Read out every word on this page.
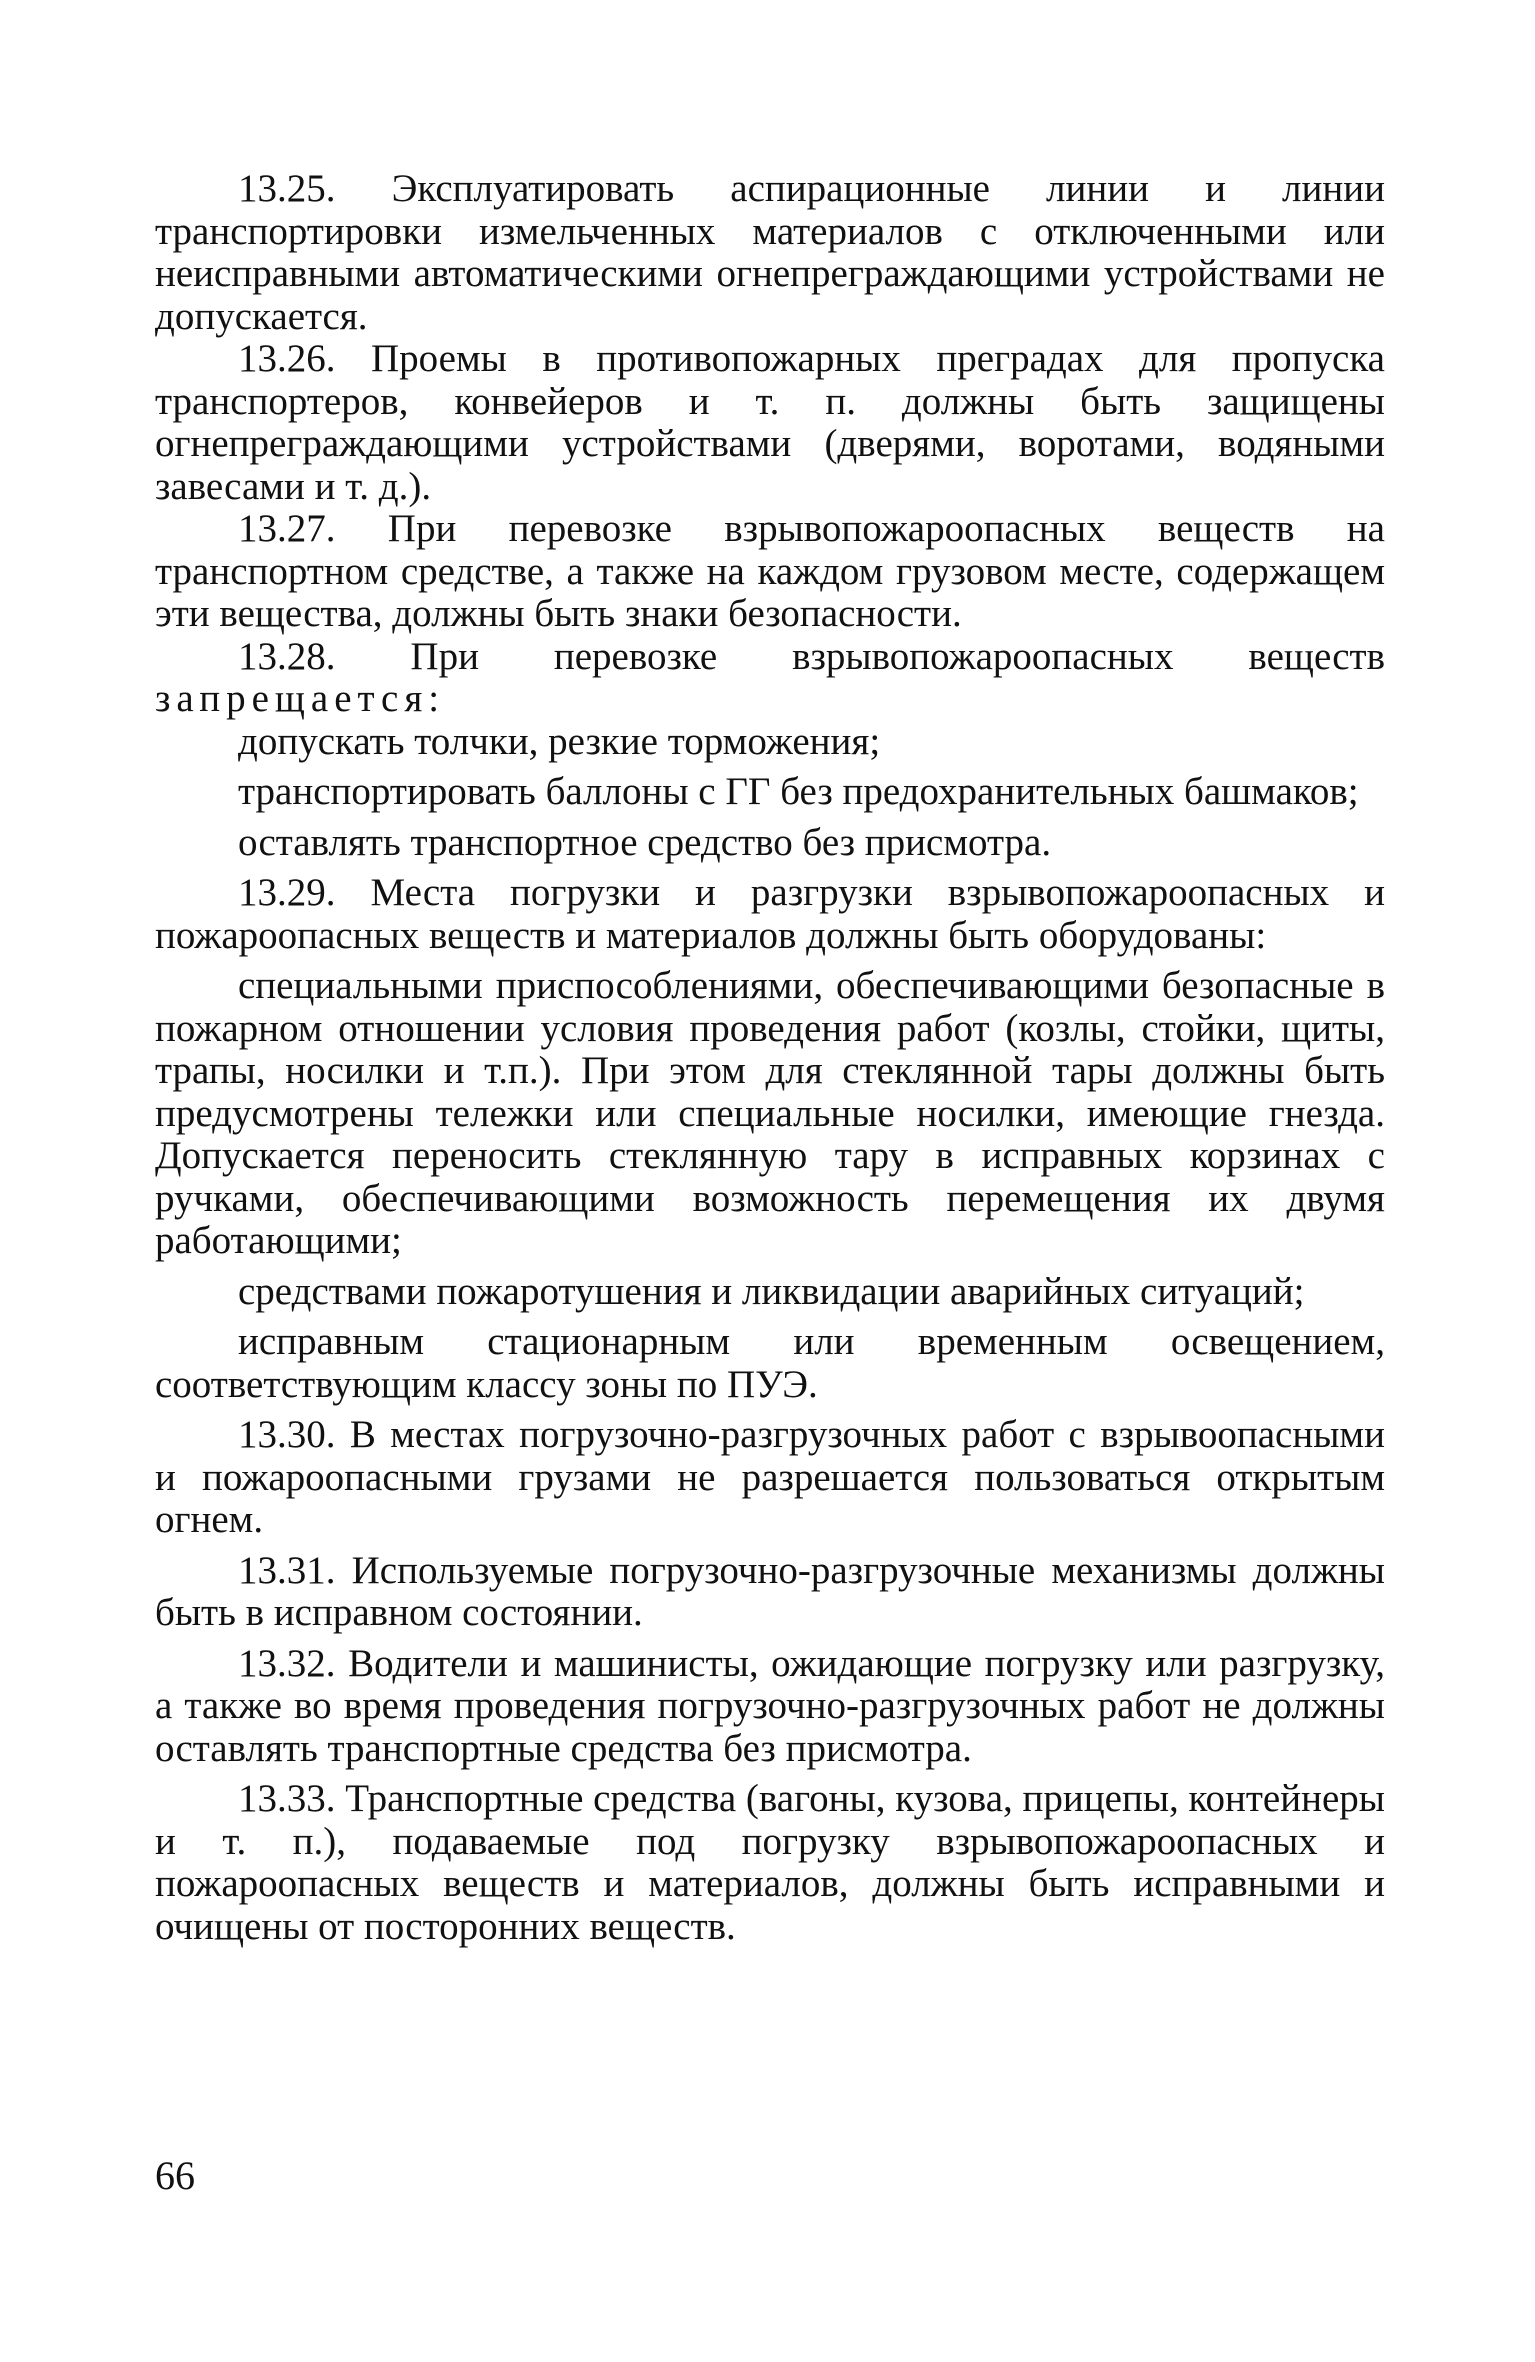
13.25. Эксплуатировать аспирационные линии и линии транспортировки измельченных материалов с отключенными или неисправными автоматическими огнепреграждающими устройствами не допускается.

13.26. Проемы в противопожарных преградах для пропуска транспортеров, конвейеров и т. п. должны быть защищены огнепреграждающими устройствами (дверями, воротами, водяными завесами и т. д.).

13.27. При перевозке взрывопожароопасных веществ на транспортном средстве, а также на каждом грузовом месте, содержащем эти вещества, должны быть знаки безопасности.

13.28. При перевозке взрывопожароопасных веществ запрещается:

допускать толчки, резкие торможения;

транспортировать баллоны с ГГ без предохранительных башмаков;

оставлять транспортное средство без присмотра.

13.29. Места погрузки и разгрузки взрывопожароопасных и пожароопасных веществ и материалов должны быть оборудованы:

специальными приспособлениями, обеспечивающими безопасные в пожарном отношении условия проведения работ (козлы, стойки, щиты, трапы, носилки и т.п.). При этом для стеклянной тары должны быть предусмотрены тележки или специальные носилки, имеющие гнезда. Допускается переносить стеклянную тару в исправных корзинах с ручками, обеспечивающими возможность перемещения их двумя работающими;

средствами пожаротушения и ликвидации аварийных ситуаций;

исправным стационарным или временным освещением, соответствующим классу зоны по ПУЭ.

13.30. В местах погрузочно-разгрузочных работ с взрывоопасными и пожароопасными грузами не разрешается пользоваться открытым огнем.

13.31. Используемые погрузочно-разгрузочные механизмы должны быть в исправном состоянии.

13.32. Водители и машинисты, ожидающие погрузку или разгрузку, а также во время проведения погрузочно-разгрузочных работ не должны оставлять транспортные средства без присмотра.

13.33. Транспортные средства (вагоны, кузова, прицепы, контейнеры и т. п.), подаваемые под погрузку взрывопожароопасных и пожароопасных веществ и материалов, должны быть исправными и очищены от посторонних веществ.

66
